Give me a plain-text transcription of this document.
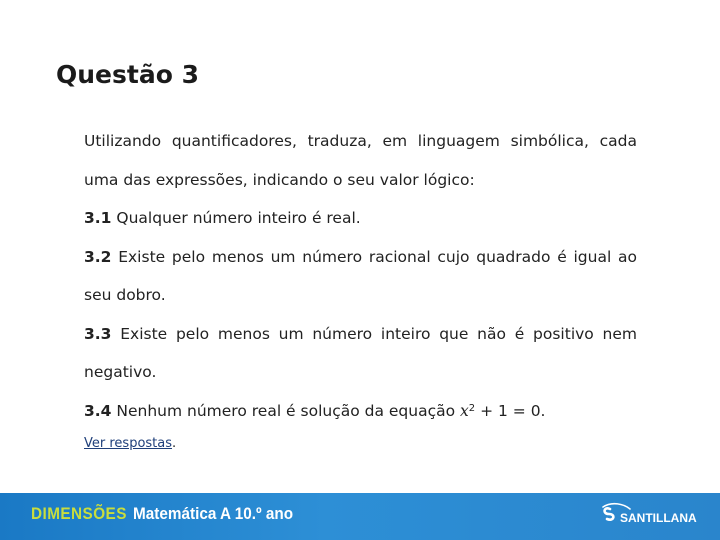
Questão 3

Utilizando quantificadores, traduza, em linguagem simbólica, cada uma das expressões, indicando o seu valor lógico:

3.1 Qualquer número inteiro é real.

3.2 Existe pelo menos um número racional cujo quadrado é igual ao seu dobro.

3.3 Existe pelo menos um número inteiro que não é positivo nem negativo.

3.4 Nenhum número real é solução da equação $x^2 + 1 = 0$.

Ver respostas.

DIMENSÕES Matemática A 10.º ano	SANTILLANA
